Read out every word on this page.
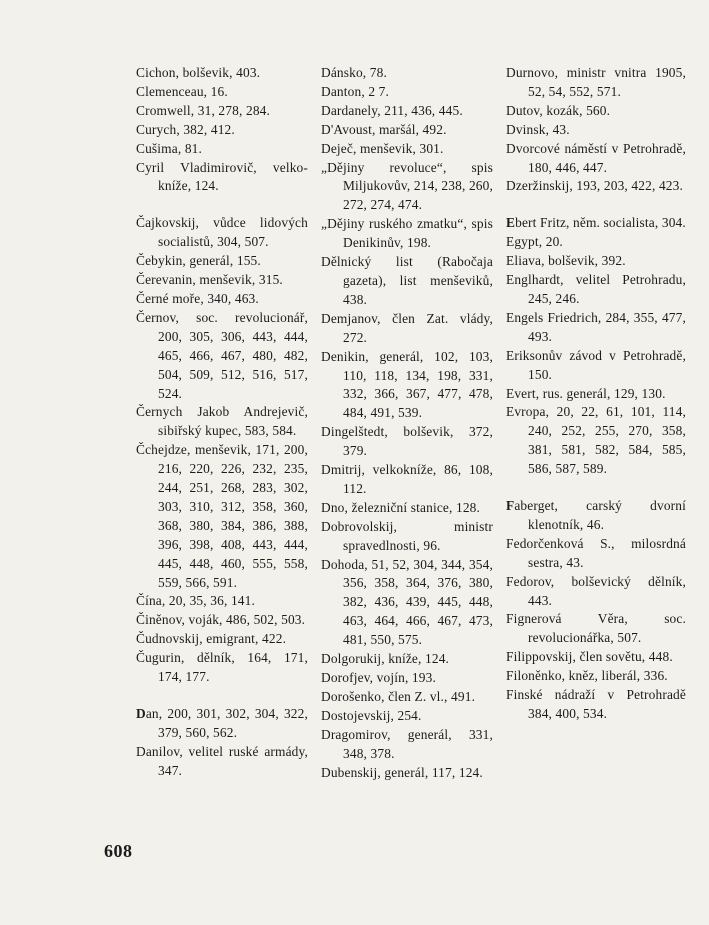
Cichon, bolševik, 403.
Clemenceau, 16.
Cromwell, 31, 278, 284.
Curych, 382, 412.
Cušima, 81.
Cyril Vladimirovič, velko-kníže, 124.
Čajkovskij, vůdce lidových socialistů, 304, 507.
Čebykin, generál, 155.
Čerevanin, menševik, 315.
Černé moře, 340, 463.
Černov, soc. revolucionář, 200, 305, 306, 443, 444, 465, 466, 467, 480, 482, 504, 509, 512, 516, 517, 524.
Černych Jakob Andrejevič, sibiřský kupec, 583, 584.
Čchejdze, menševik, 171, 200, 216, 220, 226, 232, 235, 244, 251, 268, 283, 302, 303, 310, 312, 358, 360, 368, 380, 384, 386, 388, 396, 398, 408, 443, 444, 445, 448, 460, 555, 558, 559, 566, 591.
Čína, 20, 35, 36, 141.
Činěnov, voják, 486, 502, 503.
Čudnovskij, emigrant, 422.
Čugurin, dělník, 164, 171, 174, 177.
Dan, 200, 301, 302, 304, 322, 379, 560, 562.
Danilov, velitel ruské armády, 347.
Dánsko, 78.
Danton, 2 7.
Dardanely, 211, 436, 445.
D'Avoust, maršál, 492.
Deječ, menševik, 301.
„Dějiny revoluce“, spis Miljukovův, 214, 238, 260, 272, 274, 474.
„Dějiny ruského zmatku“, spis Denikinův, 198.
Dělnický list (Rabočaja gazeta), list menševiků, 438.
Demjanov, člen Zat. vlády, 272.
Denikin, generál, 102, 103, 110, 118, 134, 198, 331, 332, 366, 367, 477, 478, 484, 491, 539.
Dingelštedt, bolševik, 372, 379.
Dmitrij, velkokníže, 86, 108, 112.
Dno, železniční stanice, 128.
Dobrovolskij, ministr spravedlnosti, 96.
Dohoda, 51, 52, 304, 344, 354, 356, 358, 364, 376, 380, 382, 436, 439, 445, 448, 463, 464, 466, 467, 473, 481, 550, 575.
Dolgorukij, kníže, 124.
Dorofjev, vojín, 193.
Dorošenko, člen Z. vl., 491.
Dostojevskij, 254.
Dragomirov, generál, 331, 348, 378.
Dubenskij, generál, 117, 124.
Durnovo, ministr vnitra 1905, 52, 54, 552, 571.
Dutov, kozák, 560.
Dvinsk, 43.
Dvorcové náměstí v Petrohradě, 180, 446, 447.
Dzeržinskij, 193, 203, 422, 423.
Ebert Fritz, něm. socialista, 304.
Egypt, 20.
Eliava, bolševik, 392.
Englhardt, velitel Petrohradu, 245, 246.
Engels Friedrich, 284, 355, 477, 493.
Eriksonův závod v Petrohradě, 150.
Evert, rus. generál, 129, 130.
Evropa, 20, 22, 61, 101, 114, 240, 252, 255, 270, 358, 381, 581, 582, 584, 585, 586, 587, 589.
Faberget, carský dvorní klenotník, 46.
Fedorčenková S., milosrdná sestra, 43.
Fedorov, bolševický dělník, 443.
Fignerová Věra, soc. revolucionářka, 507.
Filippovskij, člen sovětu, 448.
Filoněnko, kněz, liberál, 336.
Finské nádraží v Petrohradě 384, 400, 534.
608
